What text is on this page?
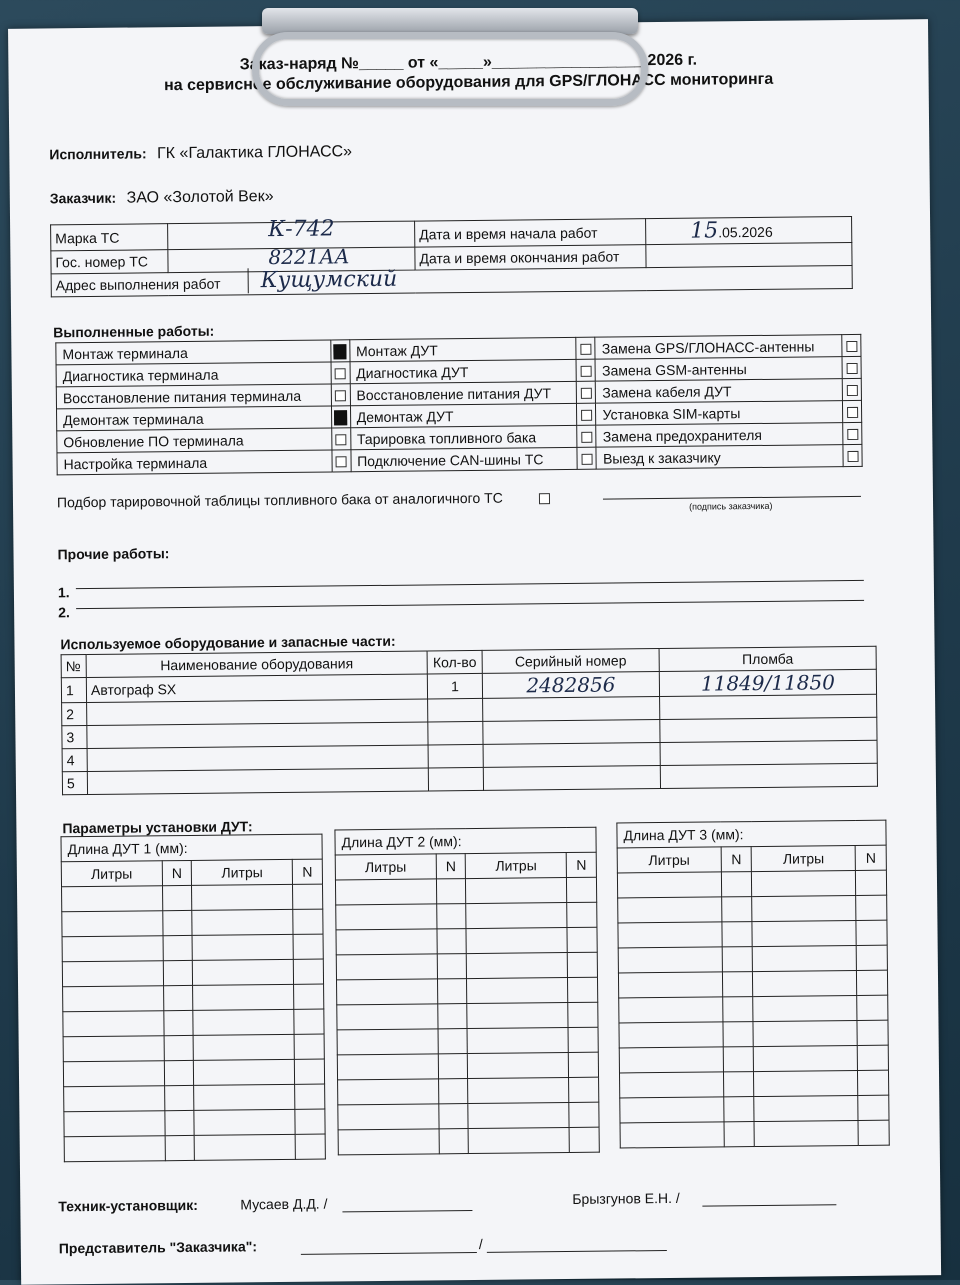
Заказ-наряд №_____ от «_____»_________________ 2026 г.
на сервисное обслуживание оборудования для GPS/ГЛОНАСС мониторинга
Исполнитель: ГК «Галактика ГЛОНАСС»
Заказчик: ЗАО «Золотой Век»
Марка ТС	К-742	Дата и время начала работ	15.05.2026
Гос. номер ТС	8221АА	Дата и время окончания работ	
Адрес выполнения работ Кущумский			
Выполненные работы:
Монтаж терминала		Монтаж ДУТ		Замена GPS/ГЛОНАСС-антенны	
Диагностика терминала		Диагностика ДУТ		Замена GSM-антенны	
Восстановление питания терминала		Восстановление питания ДУТ		Замена кабеля ДУТ	
Демонтаж терминала		Демонтаж ДУТ		Установка SIM-карты	
Обновление ПО терминала		Тарировка топливного бака		Замена предохранителя	
Настройка терминала		Подключение CAN-шины ТС		Выезд к заказчику	
Подбор тарировочной таблицы топливного бака от аналогичного ТС	(подпись заказчика)
Прочие работы:
1.
2.
Используемое оборудование и запасные части:
№	Наименование оборудования	Кол-во	Серийный номер	Пломба
1	Автограф SX	1	2482856	11849/11850
2				
3				
4				
5				
Параметры установки ДУТ:
Длина ДУТ 1 (мм):			
Литры	N	Литры	N

Длина ДУТ 2 (мм):			
Литры	N	Литры	N

Длина ДУТ 3 (мм):			
Литры	N	Литры	N

Техник-установщик:	Мусаев Д.Д. /	Брызгунов Е.Н. /
Представитель "Заказчика":	/
